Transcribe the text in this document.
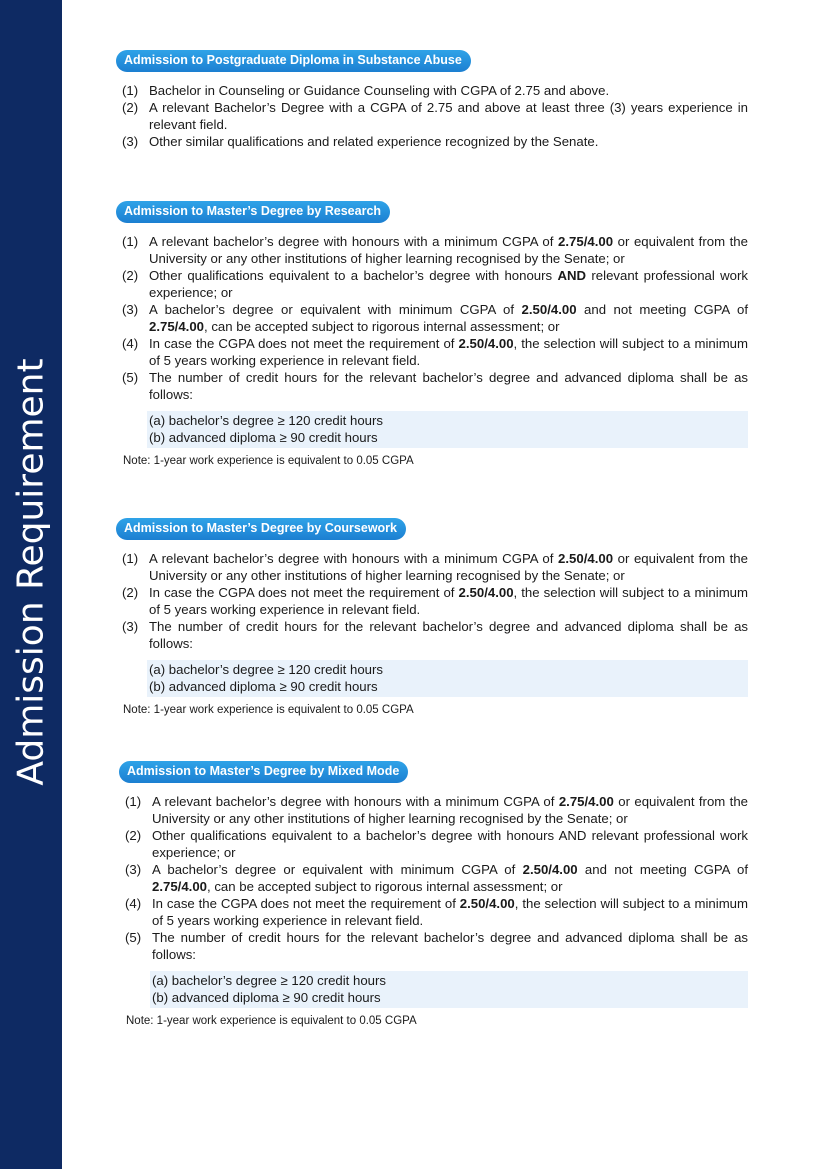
Admission Requirement
Admission to Postgraduate Diploma in Substance Abuse
(1) Bachelor in Counseling or Guidance Counseling with CGPA of 2.75 and above.
(2) A relevant Bachelor’s Degree with a CGPA of 2.75 and above at least three (3) years experience in relevant field.
(3) Other similar qualifications and related experience recognized by the Senate.
Admission to Master’s Degree by Research
(1) A relevant bachelor’s degree with honours with a minimum CGPA of 2.75/4.00 or equivalent from the University or any other institutions of higher learning recognised by the Senate; or
(2) Other qualifications equivalent to a bachelor’s degree with honours AND relevant professional work experience; or
(3) A bachelor’s degree or equivalent with minimum CGPA of 2.50/4.00 and not meeting CGPA of 2.75/4.00, can be accepted subject to rigorous internal assessment; or
(4) In case the CGPA does not meet the requirement of 2.50/4.00, the selection will subject to a minimum of 5 years working experience in relevant field.
(5) The number of credit hours for the relevant bachelor’s degree and advanced diploma shall be as follows:
(a) bachelor’s degree ≥ 120 credit hours
(b) advanced diploma ≥ 90 credit hours
Note: 1-year work experience is equivalent to 0.05 CGPA
Admission to Master’s Degree by Coursework
(1) A relevant bachelor’s degree with honours with a minimum CGPA of 2.50/4.00 or equivalent from the University or any other institutions of higher learning recognised by the Senate; or
(2) In case the CGPA does not meet the requirement of 2.50/4.00, the selection will subject to a minimum of 5 years working experience in relevant field.
(3) The number of credit hours for the relevant bachelor’s degree and advanced diploma shall be as follows:
(a) bachelor’s degree ≥ 120 credit hours
(b) advanced diploma ≥ 90 credit hours
Note: 1-year work experience is equivalent to 0.05 CGPA
Admission to Master’s Degree by Mixed Mode
(1) A relevant bachelor’s degree with honours with a minimum CGPA of 2.75/4.00 or equivalent from the University or any other institutions of higher learning recognised by the Senate; or
(2) Other qualifications equivalent to a bachelor’s degree with honours AND relevant professional work experience; or
(3) A bachelor’s degree or equivalent with minimum CGPA of 2.50/4.00 and not meeting CGPA of 2.75/4.00, can be accepted subject to rigorous internal assessment; or
(4) In case the CGPA does not meet the requirement of 2.50/4.00, the selection will subject to a minimum of 5 years working experience in relevant field.
(5) The number of credit hours for the relevant bachelor’s degree and advanced diploma shall be as follows:
(a) bachelor’s degree ≥ 120 credit hours
(b) advanced diploma ≥ 90 credit hours
Note: 1-year work experience is equivalent to 0.05 CGPA
